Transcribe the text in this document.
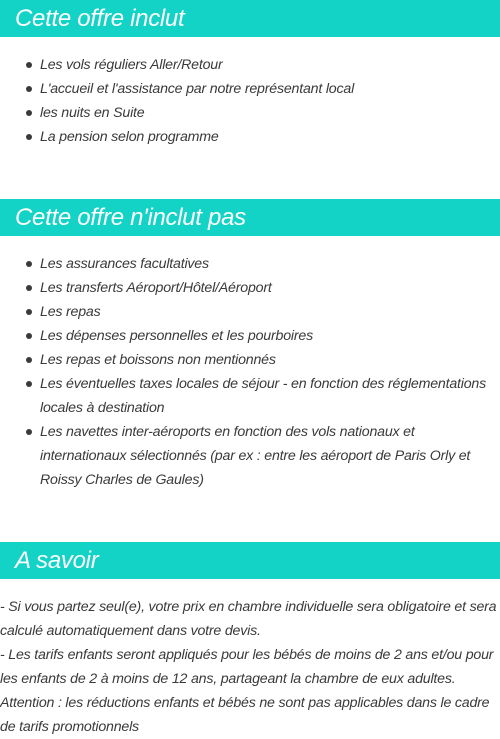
Cette offre inclut
Les vols réguliers Aller/Retour
L'accueil et l'assistance par notre représentant local
les nuits en Suite
La pension selon programme
Cette offre n'inclut pas
Les assurances facultatives
Les transferts Aéroport/Hôtel/Aéroport
Les repas
Les dépenses personnelles et les pourboires
Les repas et boissons non mentionnés
Les éventuelles taxes locales de séjour - en fonction des réglementations locales à destination
Les navettes inter-aéroports en fonction des vols nationaux et internationaux sélectionnés (par ex : entre les aéroport de Paris Orly et Roissy Charles de Gaules)
A savoir

- Si vous partez seul(e), votre prix en chambre individuelle sera obligatoire et sera calculé automatiquement dans votre devis.

- Les tarifs enfants seront appliqués pour les bébés de moins de 2 ans et/ou pour les enfants de 2 à moins de 12 ans, partageant la chambre de eux adultes.

Attention : les réductions enfants et bébés ne sont pas applicables dans le cadre de tarifs promotionnels
